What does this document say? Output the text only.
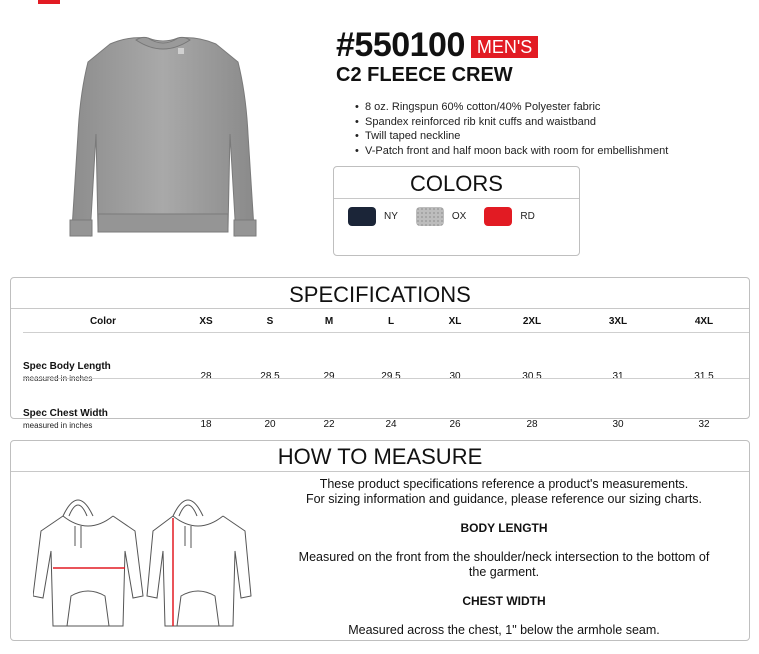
#550100 MEN'S
C2 FLEECE CREW
• 8 oz. Ringspun 60% cotton/40% Polyester fabric
• Spandex reinforced rib knit cuffs and waistband
• Twill taped neckline
• V-Patch front and half moon back with room for embellishment
COLORS
NY	OX	RD
SPECIFICATIONS
Color	XS	S	M	L	XL	2XL	3XL	4XL
Spec Body Length
measured in inches	28	28.5	29	29.5	30	30.5	31	31.5
Spec Chest Width
measured in inches	18	20	22	24	26	28	30	32
HOW TO MEASURE
These product specifications reference a product's measurements.
For sizing information and guidance, please reference our sizing charts.
BODY LENGTH
Measured on the front from the shoulder/neck intersection to the bottom of
the garment.
CHEST WIDTH
Measured across the chest, 1" below the armhole seam.
